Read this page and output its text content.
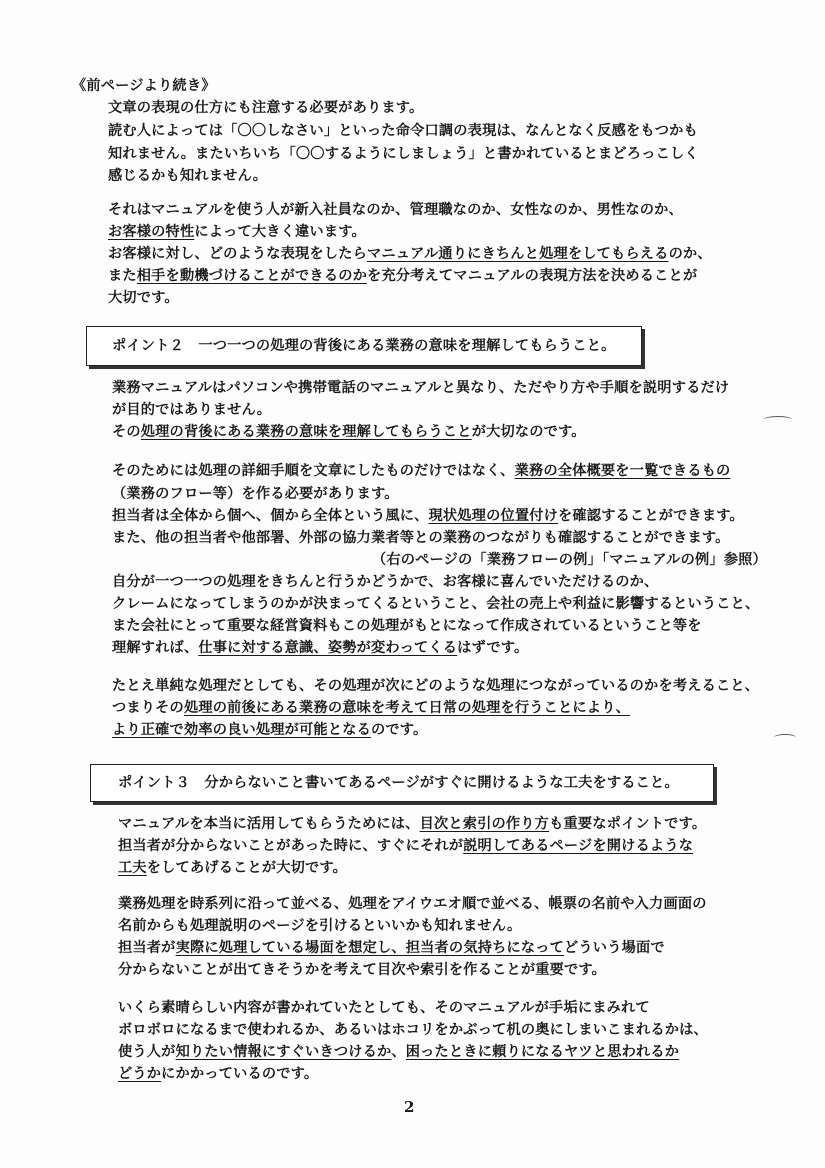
《前ページより続き》
文章の表現の仕方にも注意する必要があります。
読む人によっては「〇〇しなさい」といった命令口調の表現は、なんとなく反感をもつかも
知れません。またいちいち「〇〇するようにしましょう」と書かれているとまどろっこしく
感じるかも知れません。
それはマニュアルを使う人が新入社員なのか、管理職なのか、女性なのか、男性なのか、
お客様の特性によって大きく違います。
お客様に対し、どのような表現をしたらマニュアル通りにきちんと処理をしてもらえるのか、
また相手を動機づけることができるのかを充分考えてマニュアルの表現方法を決めることが
大切です。
ポイント２　一つ一つの処理の背後にある業務の意味を理解してもらうこと。
業務マニュアルはパソコンや携帯電話のマニュアルと異なり、ただやり方や手順を説明するだけ
が目的ではありません。
その処理の背後にある業務の意味を理解してもらうことが大切なのです。
そのためには処理の詳細手順を文章にしたものだけではなく、業務の全体概要を一覧できるもの
（業務のフロー等）を作る必要があります。
担当者は全体から個へ、個から全体という風に、現状処理の位置付けを確認することができます。
また、他の担当者や他部署、外部の協力業者等との業務のつながりも確認することができます。
（右のページの「業務フローの例」「マニュアルの例」参照）
自分が一つ一つの処理をきちんと行うかどうかで、お客様に喜んでいただけるのか、
クレームになってしまうのかが決まってくるということ、会社の売上や利益に影響するということ、
また会社にとって重要な経営資料もこの処理がもとになって作成されているということ等を
理解すれば、仕事に対する意識、姿勢が変わってくるはずです。
たとえ単純な処理だとしても、その処理が次にどのような処理につながっているのかを考えること、
つまりその処理の前後にある業務の意味を考えて日常の処理を行うことにより、
より正確で効率の良い処理が可能となるのです。
ポイント３　分からないこと書いてあるページがすぐに開けるような工夫をすること。
マニュアルを本当に活用してもらうためには、目次と索引の作り方も重要なポイントです。
担当者が分からないことがあった時に、すぐにそれが説明してあるページを開けるような
工夫をしてあげることが大切です。
業務処理を時系列に沿って並べる、処理をアイウエオ順で並べる、帳票の名前や入力画面の
名前からも処理説明のページを引けるといいかも知れません。
担当者が実際に処理している場面を想定し、担当者の気持ちになってどういう場面で
分からないことが出てきそうかを考えて目次や索引を作ることが重要です。
いくら素晴らしい内容が書かれていたとしても、そのマニュアルが手垢にまみれて
ボロボロになるまで使われるか、あるいはホコリをかぶって机の奥にしまいこまれるかは、
使う人が知りたい情報にすぐいきつけるか、困ったときに頼りになるヤツと思われるか
どうかにかかっているのです。
2
